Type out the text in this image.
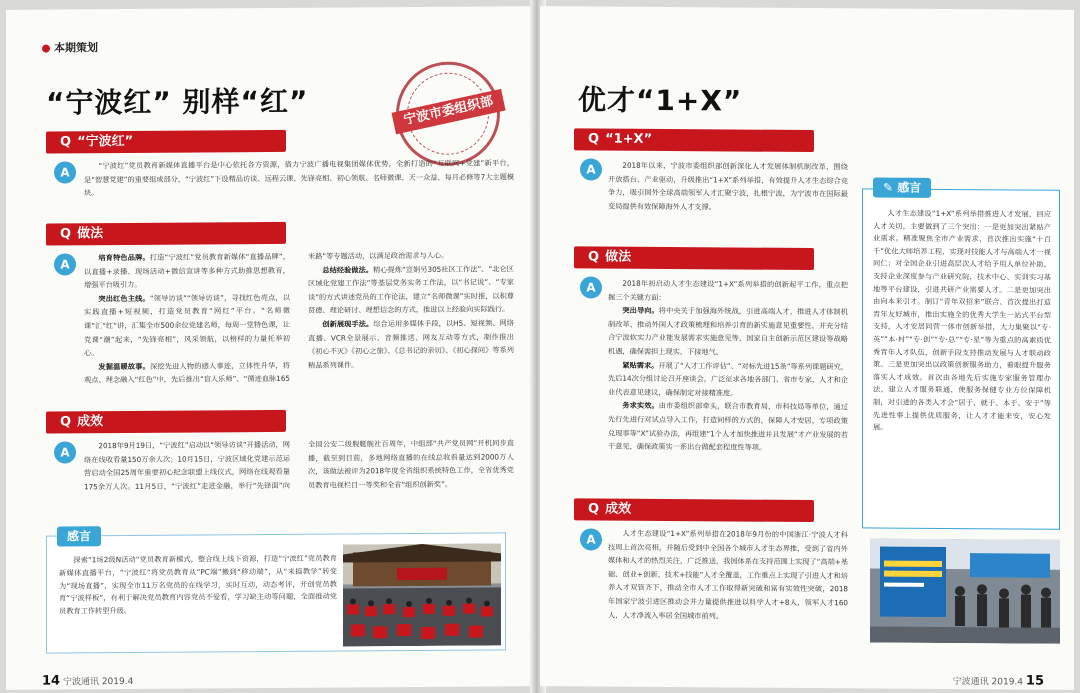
本期策划
“宁波红” 别样“红”	宁波市委组织部
Q “宁波红”
A

“宁波红”党员教育新媒体直播平台是中心依托各方资源，借力宁波广播电视集团媒体优势，全新打造的“互联网+党建”新平台，是“智慧党建”的重要组成部分，“宁波红”下设精品访谈、远程云课、先锋亮相、初心领航、名师微课、天一众益、每月必修等7大主题模块。

Q 做法
A	培育特色品牌。打造“宁波红”党员教育新媒体“直播品牌”，以直播+录播、现场活动+微信宣讲等多种方式助推思想教育，增强平台吸引力。

突出红色主线。“领导访谈”“领导访谈”，寻找红色亮点，以实践直播+短视频，打造党员教育“网红”平台。“名师微课”汇“红”讲，汇集全市500余位党建名师，每周一堂特色课，让党课“潮”起来，“先锋亮相”，风采领航，以榜样的力量托举初心。

发掘温暖故事。深挖先进人物的感人事迹，立体性升华，将观点、理念融入“红色”中，先后推出“盲人乐师”、“循迹血脉165米路”等专题活动，以满足政治需求与人心。

总结经验做法。精心提炼“宣娟另305社区工作法”、“北仑区区域化党建工作法”等基层党务实务工作法，以“书记说”、“专家谈”的方式讲述党员的工作论法，建立“名师微课”实时推，以积尊贤德、理论研讨、理想信念的方式，推进以上经验向实际践行。

创新展现手法。综合运用多媒体手段，以H5、短视频、网络直播、VCR全景展示、音频推送、网友互动等方式，制作推出《初心不灭》《初心之旅》、《总书记的亲切》、《初心探问》等系列精品系列课件。

Q 成效
A

2018年9月19日，“宁波红”启动以“领导访谈”开播活动，网络在线收看量150万余人次；10月15日，宁波区域化党建示范运营启动全国25周年重要初心纪念联盟上线仪式，网络在线观看量175余万人次。11月5日，“宁波红”走进金融，举行“先锋面”向全国公安二级舰艇舰社百周年，中组部“共产党员网”开机同步直播，截至到目前，多地网络直播的在线总收看量达到2000万人次，该做法被评为2018年度全省组织系统特色工作，全省优秀党员教育电视栏目一等奖和全省“组织创新奖”。

感言

探索“1场2级N活动”党员教育新模式，整合线上线下资源，打造“宁波红”党员教育新媒体直播平台，“宁波红”将党员教育从“PC端”搬到“移动端”，从“来搞教学”转变为“现场直播”，实现全市11万名党员的在线学习，实时互动，动态考评，开创党员教育“宁波样板”，有利于解决党员教育内容党员不爱看，学习缺主动等问题，全面推动党员教育工作转型升级。

14 宁波通讯 2019.4
优才“1+X”
Q “1+X”
A	2018年以来，宁波市委组织部创新深化人才发展体制机制改革，围绕开放搭台、产业驱动，升级推出“1+X”系列举措，有效提升人才生态综合竞争力，吸引国外全球高端领军人才汇聚宁波，扎根宁波，为宁波市在国际最变局提供有效保障海外人才支撑。

Q 做法
A	2018年初启动人才生态建设“1+X”系列举措的创新起平工作，重点把握三个关键方面：

突出导向。将中央关于加强海外统战，引进高端人才，推进人才体制机制改革，推动外国人才政策梳理和培养引育的新实施意见重要性，并充分结合宁波软实力产业能发展需求实施意见等，国家自主创新示范区建设等战略机遇，确保需担上现实，下接地气。

紧贴需求。开展了“人才工作评估”、“对标先进15条”等系列课题研究，先后14次分组讨论召开座谈会，广泛征求各地各部门、省市专家，人才和企业代表意见建议，确保制定对接精准度。

务求实效。由市委组织部牵头，联合市教育局，市科技局等单位，通过先行先进行对试点导入工作，打造同样的方式的，保障人才安居，专项政策兑现事等“X”试验办法，再组建“1个人才加快推进并且发展”才产业发展的若干意见，确保政策实一系出台做配套程度性等项。

✎ 感言

人才生态建设“1+X”系列举措推进人才发展，回应人才关切，主要做到了三个突出：一是更加突出紧贴产业需求。精准聚焦全市产业需求，首次推出实施“十百千”优化大师培养工程，实现对技能人才与高端人才一视同仁；对全国企业引进高层次人才给予用人单位补助，支持企业深度参与产业研究院，技术中心、实训实习基地等平台建设，引进共研产业需要人才。二是更加突出由向本来引才。制订“青年双招来”联合、首次提出打造青年友好城市，推出实施全的优秀大学生一站式平台型支持，人才安居同营一体市创新举措，大力集聚以“专·英”“本·村”“专·创”“专·总”“专·星”等为重点的高素质优秀青年人才队伍，创新手段支持推动发展与人才联动政策。三是更加突出以政策创新服务助力，着眼提升服务落实人才成效。首次由各地先后实施专家服务管理办法，建立人才服务联通，使服务保健专业方位保障机制，对引进的各类人才会“居于，就于、本于、安于”等先进性事上提供优质服务，让人才才能来安，安心发展。

Q 成效
A	人才生态建设“1+X”系列举措在2018年9月份的中国浙江·宁波人才科技周上首次亮相，并随后受到中全国各个城市人才生态界推，受到了省内外媒体和人才的热烈关注，广泛推送，我国体系在支持范围上实现了“高端+基础、创业+创新、技术+技能”人才全覆盖，工作重点上实现了引进人才和培养人才双管齐下，推动全市人才工作取得新突破和富有实效性突破，2018年国家宁波引进区推动会并力量提供推进以科学人才+8人，领军人才160人，人才净流入率居全国城市前列。

宁波通讯 2019.4 15
